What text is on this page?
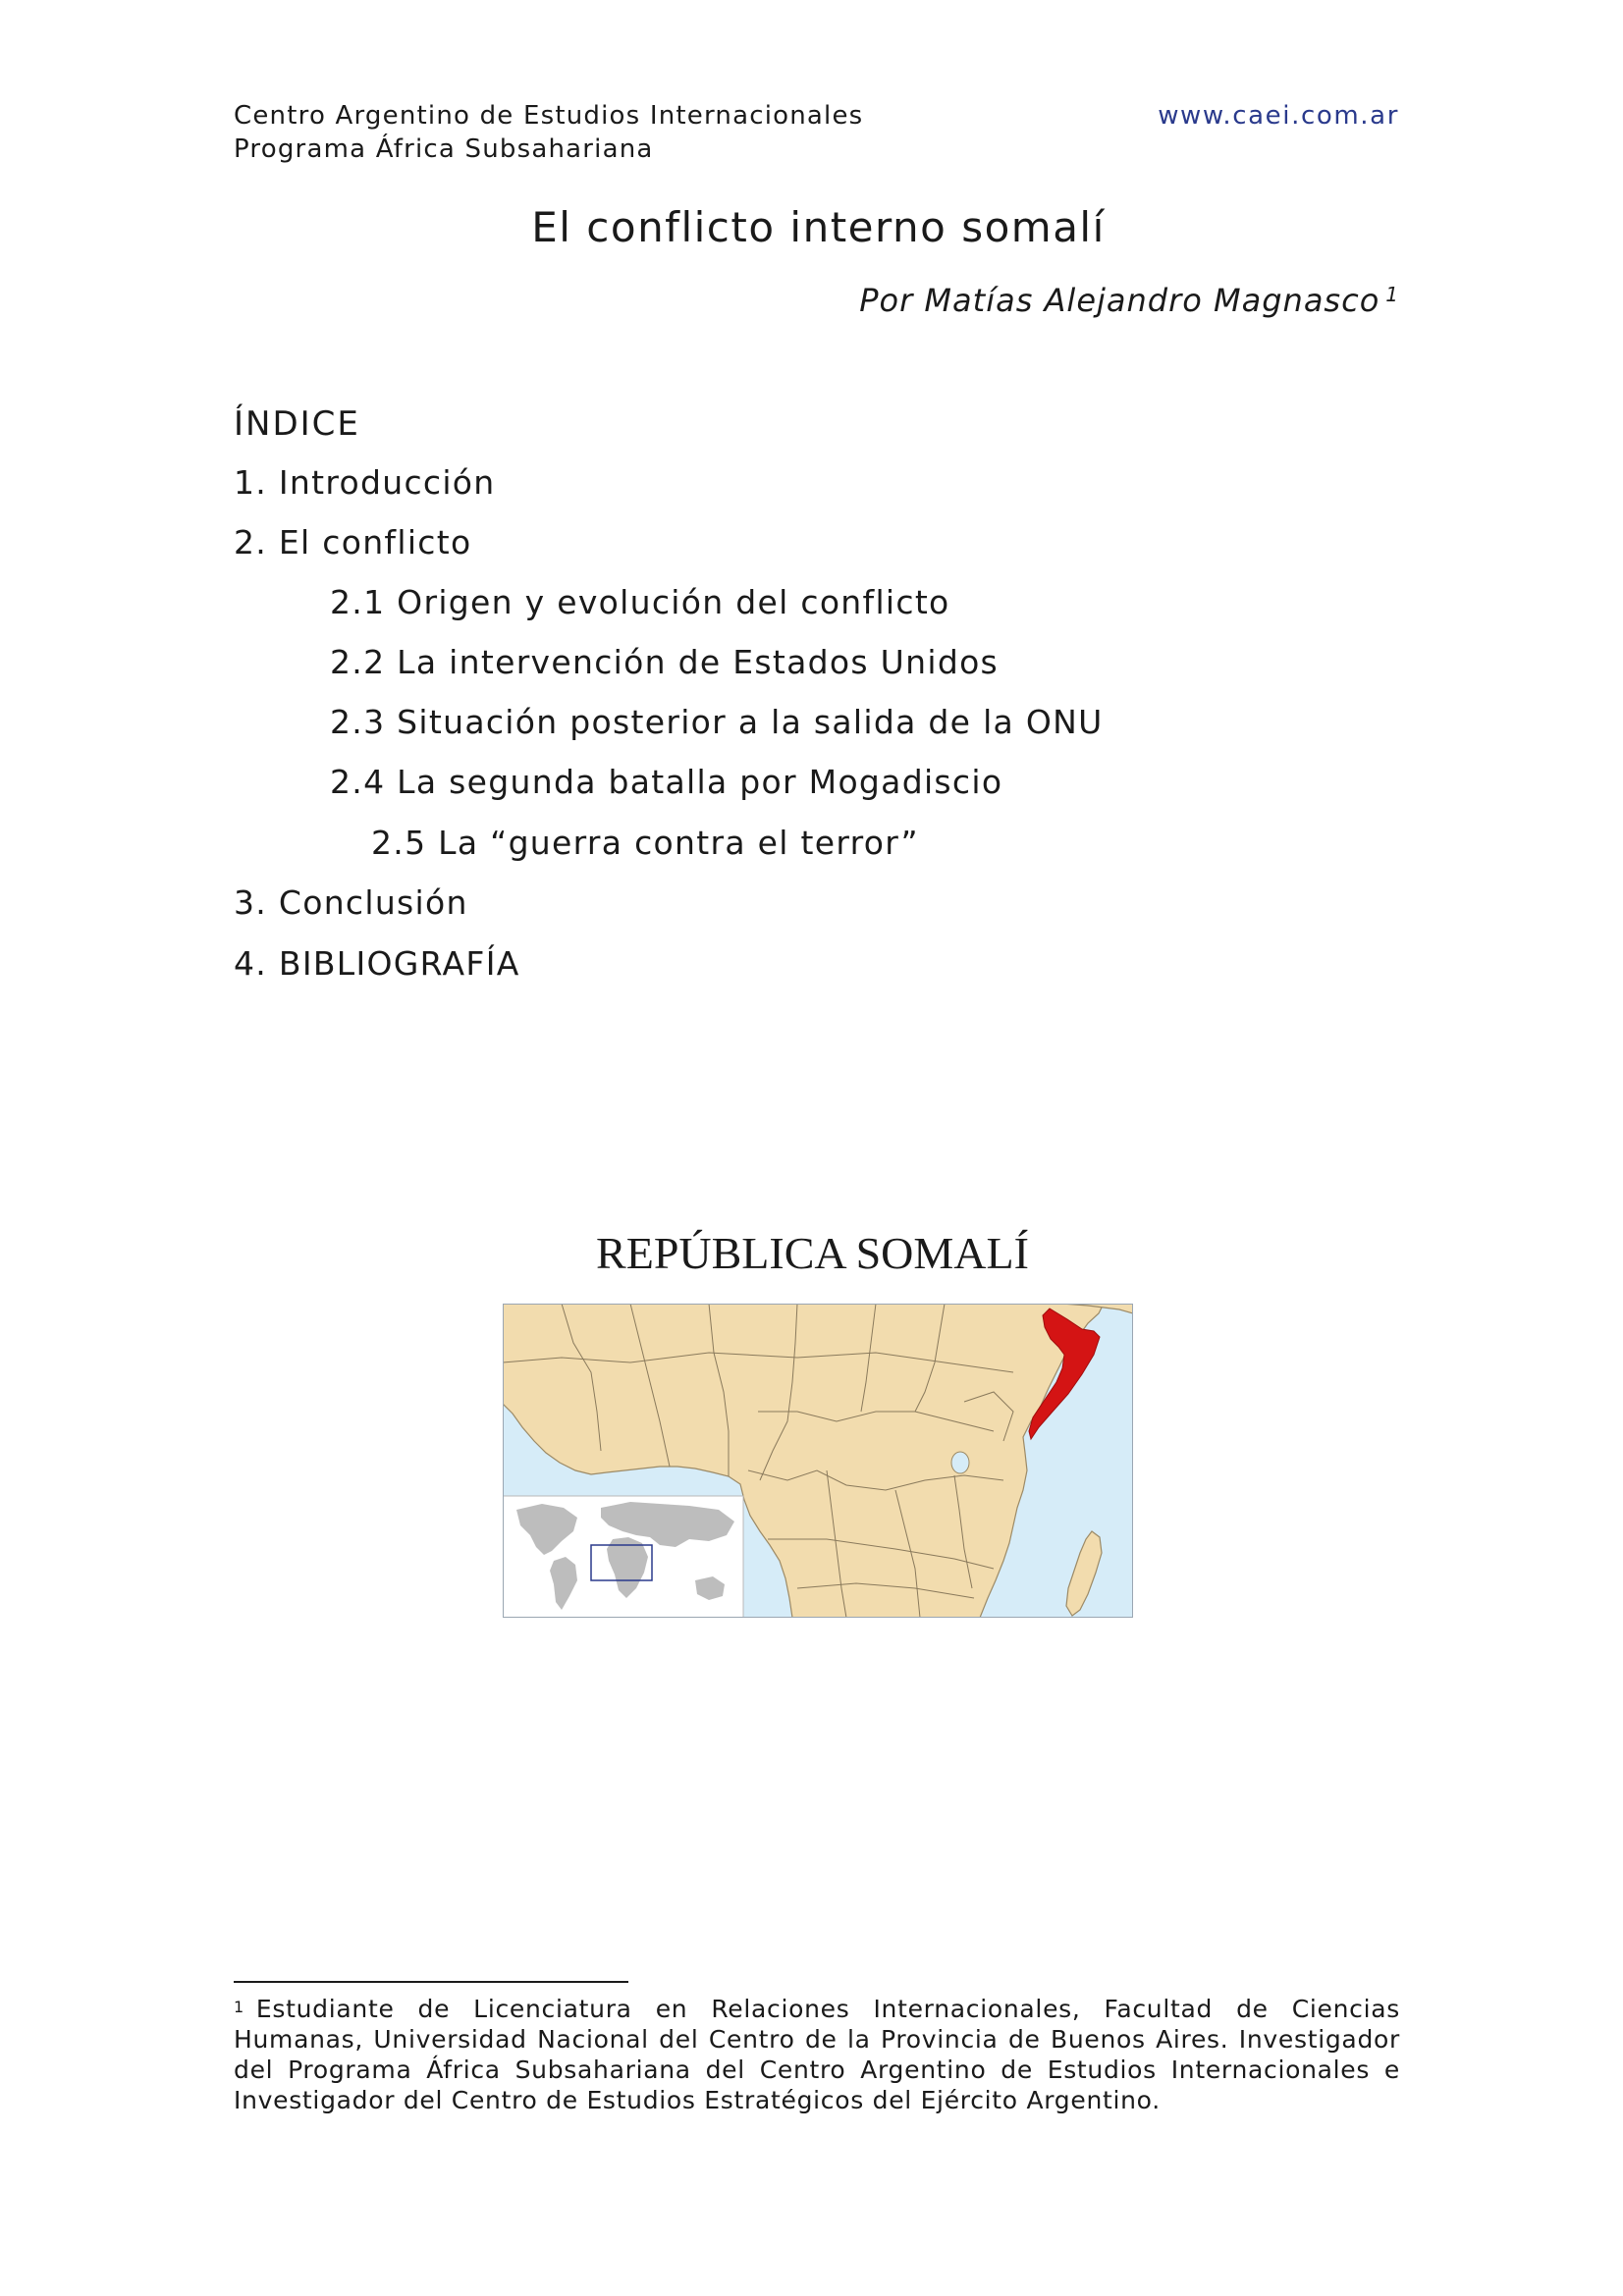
Centro Argentino de Estudios Internacionales
Programa África Subsahariana
www.caei.com.ar
El conflicto interno somalí
Por Matías Alejandro Magnasco $^1$
ÍNDICE
1. Introducción
2. El conflicto
2.1 Origen y evolución del conflicto
2.2 La intervención de Estados Unidos
2.3 Situación posterior a la salida de la ONU
2.4 La segunda batalla por Mogadiscio
2.5 La “guerra contra el terror”
3. Conclusión
4. BIBLIOGRAFÍA
REPÚBLICA SOMALÍ
$^1$ Estudiante de Licenciatura en Relaciones Internacionales, Facultad de Ciencias Humanas, Universidad Nacional del Centro de la Provincia de Buenos Aires. Investigador del Programa África Subsahariana del Centro Argentino de Estudios Internacionales e Investigador del Centro de Estudios Estratégicos del Ejército Argentino.
